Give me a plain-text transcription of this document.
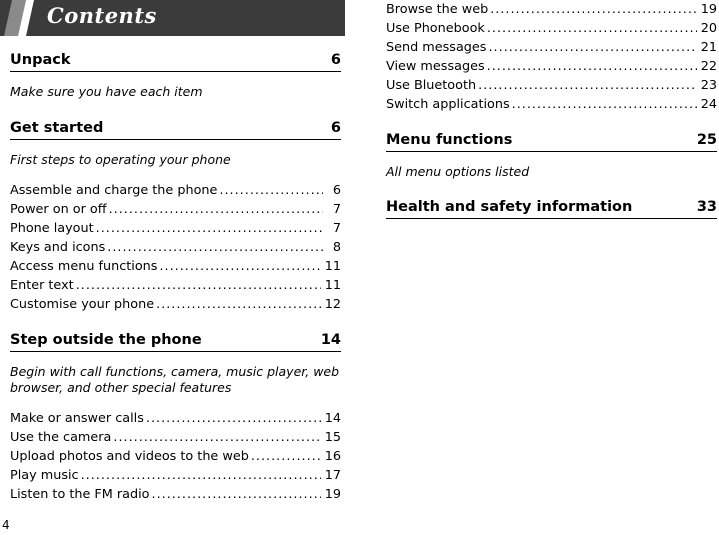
Contents
Unpack	6
Make sure you have each item
Get started	6
First steps to operating your phone
Assemble and charge the phone .....	6
Power on or off .....	7
Phone layout .....	7
Keys and icons .....	8
Access menu functions .....	11
Enter text .....	11
Customise your phone .....	12
Step outside the phone	14
Begin with call functions, camera, music player, web browser, and other special features
Make or answer calls .....	14
Use the camera .....	15
Upload photos and videos to the web .....	16
Play music .....	17
Listen to the FM radio .....	19
Browse the web .....	19
Use Phonebook .....	20
Send messages .....	21
View messages .....	22
Use Bluetooth .....	23
Switch applications .....	24
Menu functions	25
All menu options listed
Health and safety information	33
4
